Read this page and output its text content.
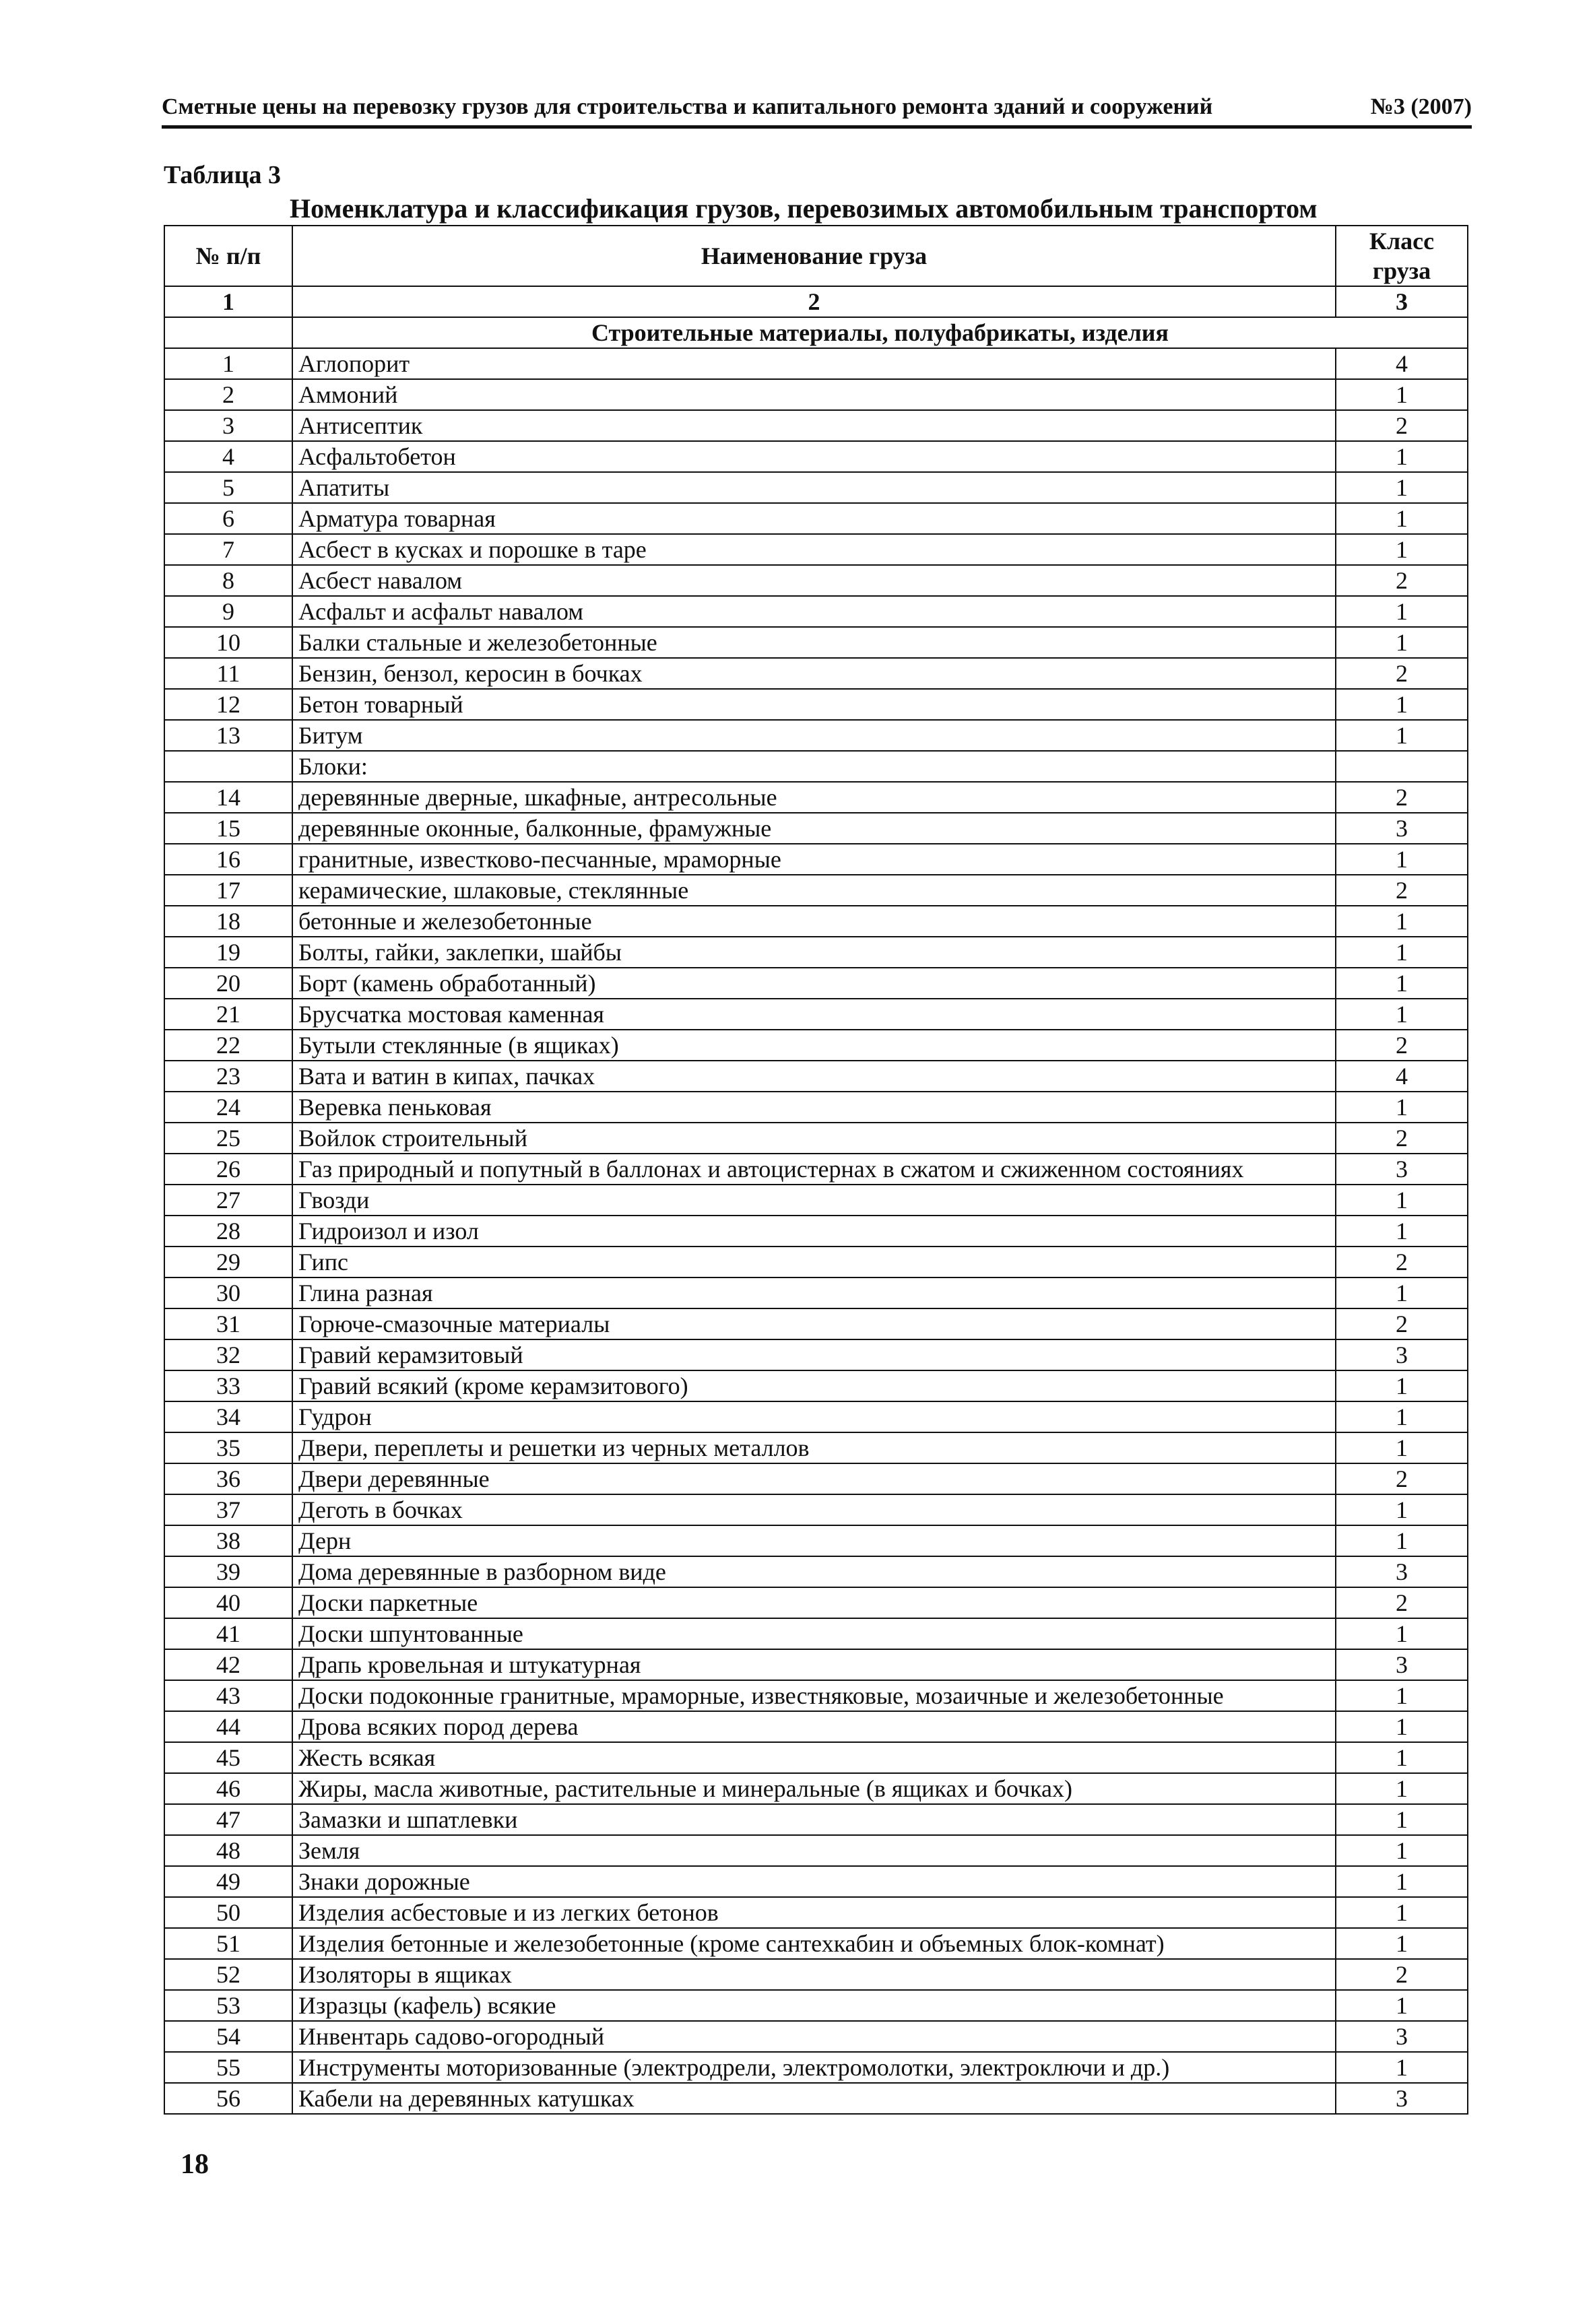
Сметные цены на перевозку грузов для строительства и капитального ремонта зданий и сооружений	№3 (2007)
Таблица 3
Номенклатура и классификация грузов, перевозимых автомобильным транспортом
№ п/п	Наименование груза	Класс груза
1	2	3
	Строительные материалы, полуфабрикаты, изделия	
1	Аглопорит	4
2	Аммоний	1
3	Антисептик	2
4	Асфальтобетон	1
5	Апатиты	1
6	Арматура товарная	1
7	Асбест в кусках и порошке в таре	1
8	Асбест навалом	2
9	Асфальт и асфальт навалом	1
10	Балки стальные и железобетонные	1
11	Бензин, бензол, керосин в бочках	2
12	Бетон товарный	1
13	Битум	1
	Блоки:	
14	деревянные дверные, шкафные, антресольные	2
15	деревянные оконные, балконные, фрамужные	3
16	гранитные, известково-песчанные, мраморные	1
17	керамические, шлаковые, стеклянные	2
18	бетонные и железобетонные	1
19	Болты, гайки, заклепки, шайбы	1
20	Борт (камень обработанный)	1
21	Брусчатка мостовая каменная	1
22	Бутыли стеклянные (в ящиках)	2
23	Вата и ватин в кипах, пачках	4
24	Веревка пеньковая	1
25	Войлок строительный	2
26	Газ природный и попутный в баллонах и автоцистернах в сжатом и сжиженном состояниях	3
27	Гвозди	1
28	Гидроизол и изол	1
29	Гипс	2
30	Глина разная	1
31	Горюче-смазочные материалы	2
32	Гравий керамзитовый	3
33	Гравий всякий (кроме керамзитового)	1
34	Гудрон	1
35	Двери, переплеты и решетки из черных металлов	1
36	Двери деревянные	2
37	Деготь в бочках	1
38	Дерн	1
39	Дома деревянные в разборном виде	3
40	Доски паркетные	2
41	Доски шпунтованные	1
42	Драпь кровельная и штукатурная	3
43	Доски подоконные гранитные, мраморные, известняковые, мозаичные и железобетонные	1
44	Дрова всяких пород дерева	1
45	Жесть всякая	1
46	Жиры, масла животные, растительные и минеральные (в ящиках и бочках)	1
47	Замазки и шпатлевки	1
48	Земля	1
49	Знаки дорожные	1
50	Изделия асбестовые и из легких бетонов	1
51	Изделия бетонные и железобетонные (кроме сантехкабин и объемных блок-комнат)	1
52	Изоляторы в ящиках	2
53	Изразцы (кафель) всякие	1
54	Инвентарь садово-огородный	3
55	Инструменты моторизованные (электродрели, электромолотки, электроключи и др.)	1
56	Кабели на деревянных катушках	3
18
